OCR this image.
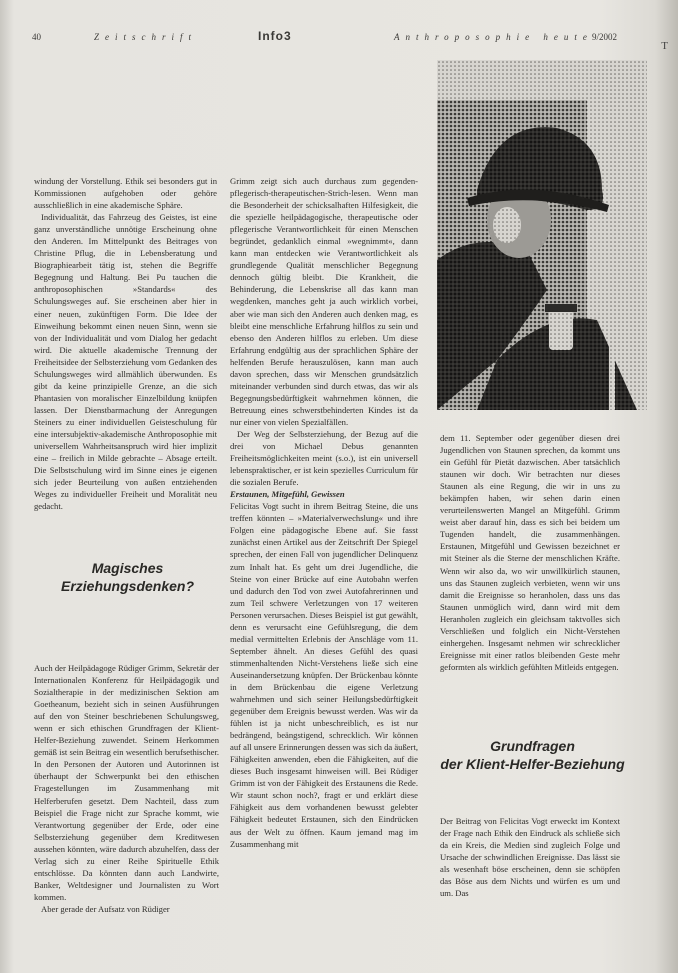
40	Zeitschrift	Info3	Anthroposophie heute 9/2002
T

windung der Vorstellung. Ethik sei besonders gut in Kommissionen aufgehoben oder gehöre ausschließlich in eine akademische Sphäre.

Individualität, das Fahrzeug des Geistes, ist eine ganz unverständliche unnötige Erscheinung ohne den Anderen. Im Mittelpunkt des Beitrages von Christine Pflug, die in Lebensberatung und Biographiearbeit tätig ist, stehen die Begriffe Begegnung und Haltung. Bei Pu tauchen die anthroposophischen »Standards« des Schulungsweges auf. Sie erscheinen aber hier in einer neuen, zukünftigen Form. Die Idee der Einweihung bekommt einen neuen Sinn, wenn sie von der Individualität und vom Dialog her gedacht wird. Die aktuelle akademische Trennung der Freiheitsidee der Selbsterziehung vom Gedanken des Schulungsweges wird allmählich überwunden. Es gibt da keine prinzipielle Grenze, an die sich Phantasien von moralischer Einzelbildung knüpfen lassen. Der Dienstbarmachung der Anregungen Steiners zu einer individuellen Geisteschulung für eine intersubjektiv-akademische Anthroposophie mit universellem Wahrheitsanspruch wird hier implizit eine – freilich in Milde gebrachte – Absage erteilt. Die Selbstschulung wird im Sinne eines je eigenen sich jeder Beurteilung von außen entziehenden Weges zu individueller Freiheit und Moralität neu gedacht.

Magisches
Erziehungsdenken?

Auch der Heilpädagoge Rüdiger Grimm, Sekretär der Internationalen Konferenz für Heilpädagogik und Sozialtherapie in der medizinischen Sektion am Goetheanum, bezieht sich in seinen Ausführungen auf den von Steiner beschriebenen Schulungsweg, wenn er sich ethischen Grundfragen der Klient-Helfer-Beziehung zuwendet. Seinem Herkommen gemäß ist sein Beitrag ein wesentlich berufsethischer. In den Personen der Autoren und Autorinnen ist überhaupt der Schwerpunkt bei den ethischen Fragestellungen im Zusammenhang mit Helferberufen gesetzt. Dem Nachteil, dass zum Beispiel die Frage nicht zur Sprache kommt, wie Verantwortung gegenüber der Erde, oder eine Selbsterziehung gegenüber dem Kreditwesen aussehen könnten, wäre dadurch abzuhelfen, dass der Verlag sich zu einer Reihe Spirituelle Ethik entschlösse. Da könnten dann auch Landwirte, Banker, Weltdesigner und Journalisten zu Wort kommen.

Aber gerade der Aufsatz von Rüdiger

Grimm zeigt sich auch durchaus zum gegenden-pflegerisch-therapeutischen-Strich-lesen. Wenn man die Besonderheit der schicksalhaften Hilfesigkeit, die die spezielle heilpädagogische, therapeutische oder pflegerische Verantwortlichkeit für einen Menschen begründet, gedanklich einmal »wegnimmt«, dann kann man entdecken wie Verantwortlichkeit als grundlegende Qualität menschlicher Begegnung dennoch gültig bleibt. Die Krankheit, die Behinderung, die Lebenskrise all das kann man wegdenken, manches geht ja auch wirklich vorbei, aber wie man sich den Anderen auch denken mag, es bleibt eine menschliche Erfahrung hilflos zu sein und ebenso den Anderen hilflos zu erleben. Um diese Erfahrung endgültig aus der sprachlichen Sphäre der helfenden Berufe herauszulösen, kann man auch davon sprechen, dass wir Menschen grundsätzlich miteinander verbunden sind durch etwas, das wir als Begegnungsbedürftigkeit wahrnehmen können, die Betreuung eines schwerstbehinderten Kindes ist da nur einer von vielen Spezialfällen.

Der Weg der Selbsterziehung, der Bezug auf die drei von Michael Debus genannten Freiheitsmöglichkeiten meint (s.o.), ist ein universell lebenspraktischer, er ist kein spezielles Curriculum für die sozialen Berufe.

Erstaunen, Mitgefühl, Gewissen

Felicitas Vogt sucht in ihrem Beitrag Steine, die uns treffen könnten – »Materialverwechslung« und ihre Folgen eine pädagogische Ebene auf. Sie fasst zunächst einen Artikel aus der Zeitschrift Der Spiegel sprechen, der einen Fall von jugendlicher Delinquenz zum Inhalt hat. Es geht um drei Jugendliche, die Steine von einer Brücke auf eine Autobahn werfen und dadurch den Tod von zwei Autofahrerinnen und zum Teil schwere Verletzungen von 17 weiteren Personen verursachen. Dieses Beispiel ist gut gewählt, denn es verursacht eine Gefühlsregung, die dem medial vermittelten Erlebnis der Anschläge vom 11. September ähnelt. An dieses Gefühl des quasi stimmenhaltenden Nicht-Verstehens ließe sich eine Auseinandersetzung knüpfen. Der Brückenbau könnte in dem Brückenbau die eigene Verletzung wahrnehmen und sich seiner Heilungsbedürftigkeit gegenüber dem Ereignis bewusst werden. Was wir da fühlen ist ja nicht unbeschreiblich, es ist nur bedrängend, beängstigend, schrecklich. Wir können auf all unsere Erinnerungen dessen was sich da äußert, Fähigkeiten anwenden, eben die Fähigkeiten, auf die dieses Buch insgesamt hinweisen will. Bei Rüdiger Grimm ist von der Fähigkeit des Erstaunens die Rede. Wir staunt schon noch?, fragt er und erklärt diese Fähigkeit aus dem vorhandenen bewusst gelebter Fähigkeit bedeutet Erstaunen, sich den Eindrücken aus der Welt zu öffnen. Kaum jemand mag im Zusammenhang mit

dem 11. September oder gegenüber diesen drei Jugendlichen von Staunen sprechen, da kommt uns ein Gefühl für Pietät dazwischen. Aber tatsächlich staunen wir doch. Wir betrachten nur dieses Staunen als eine Regung, die wir in uns zu bekämpfen haben, wir sehen darin einen verurteilenswerten Mangel an Mitgefühl. Grimm weist aber darauf hin, dass es sich bei beidem um Tugenden handelt, die zusammenhängen. Erstaunen, Mitgefühl und Gewissen bezeichnet er mit Steiner als die Sterne der menschlichen Kräfte. Wenn wir also da, wo wir unwillkürlich staunen, uns das Staunen zugleich verbieten, wenn wir uns damit die Ereignisse so heranholen, dass uns das Staunen unmöglich wird, dann wird mit dem Heranholen zugleich ein gleichsam taktvolles sich Verschließen und folglich ein Nicht-Verstehen einhergehen. Insgesamt nehmen wir schrecklicher Ereignisse mit einer ratlos bleibenden Geste mehr geformten als wirklich gefühlten Mitleids entgegen.

Grundfragen
der Klient-Helfer-Beziehung

Der Beitrag von Felicitas Vogt erweckt im Kontext der Frage nach Ethik den Eindruck als schließe sich da ein Kreis, die Medien sind zugleich Folge und Ursache der schwindlichen Ereignisse. Das lässt sie als wesenhaft böse erscheinen, denn sie schöpfen das Böse aus dem Nichts und würfen es um und um. Das
